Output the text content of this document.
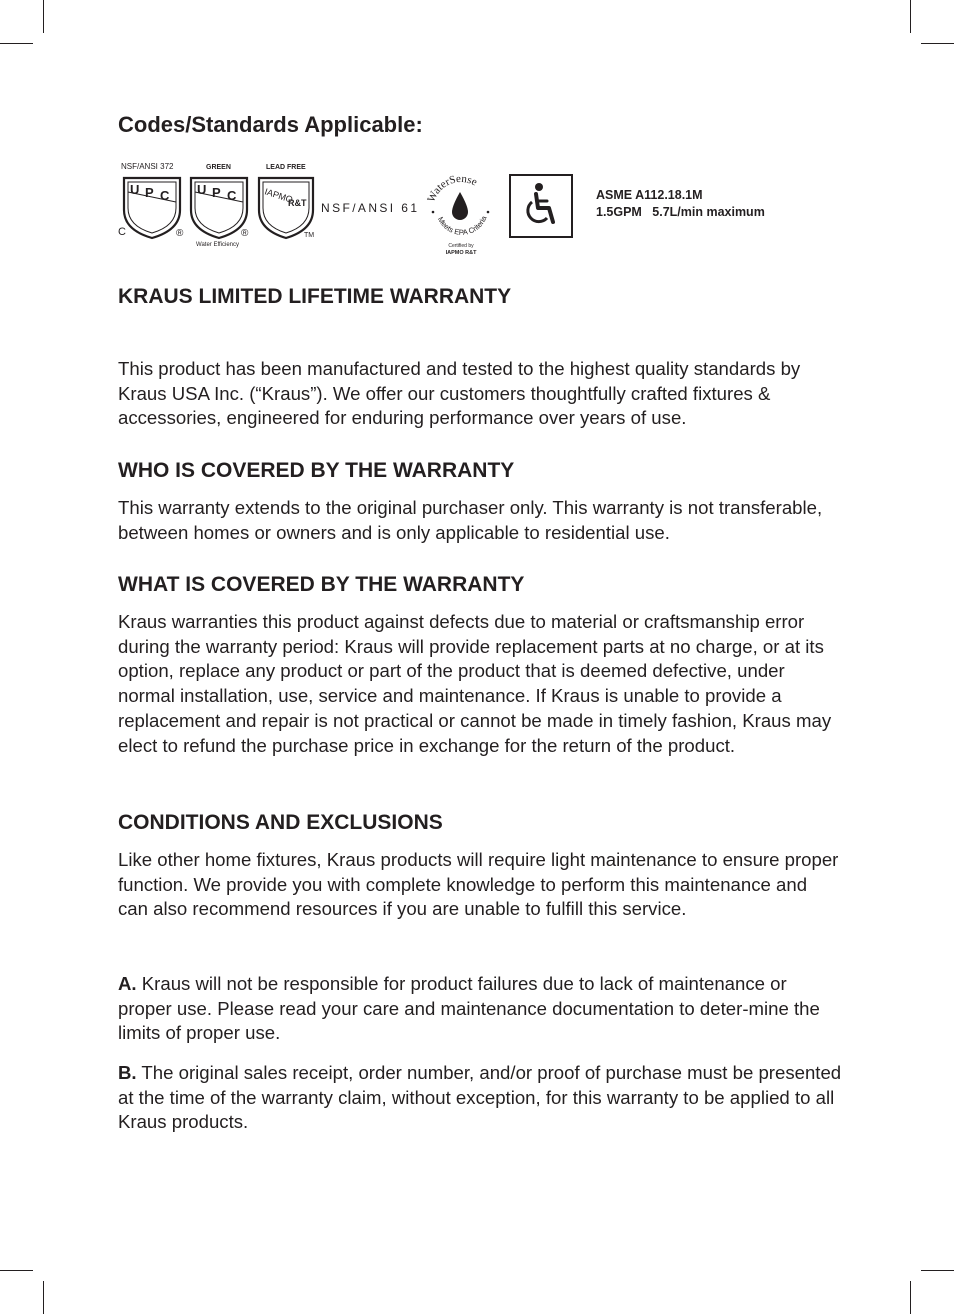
Codes/Standards Applicable:
NSF/ANSI 372
U P C
C	®
GREEN
U P C
®
Water Efficiency
LEAD FREE
IAPMO
R&T
TM
NSF/ANSI 61
WaterSense
Meets EPA Criteria
Certified by
IAPMO R&T
ASME A112.18.1M
1.5GPM   5.7L/min maximum
KRAUS LIMITED LIFETIME WARRANTY

This product has been manufactured and tested to the highest quality standards by Kraus USA Inc. (“Kraus”). We offer our customers thoughtfully crafted fixtures & accessories, engineered for enduring performance over years of use.

WHO IS COVERED BY THE WARRANTY

This warranty extends to the original purchaser only. This warranty is not transferable, between homes or owners and is only applicable to residential use.

WHAT IS COVERED BY THE WARRANTY

Kraus warranties this product against defects due to material or craftsmanship error during the warranty period: Kraus will provide replacement parts at no charge, or at its option, replace any product or part of the product that is deemed defective, under normal installation, use, service and maintenance. If Kraus is unable to provide a replacement and repair is not practical or cannot be made in timely fashion, Kraus may elect to refund the purchase price in exchange for the return of the product.

CONDITIONS AND EXCLUSIONS

Like other home fixtures, Kraus products will require light maintenance to ensure proper function. We provide you with complete knowledge to perform this maintenance and can also recommend resources if you are unable to fulfill this service.

A. Kraus will not be responsible for product failures due to lack of maintenance or proper use. Please read your care and maintenance documentation to deter-mine the limits of proper use.

B. The original sales receipt, order number, and/or proof of purchase must be presented at the time of the warranty claim, without exception, for this warranty to be applied to all Kraus products.
